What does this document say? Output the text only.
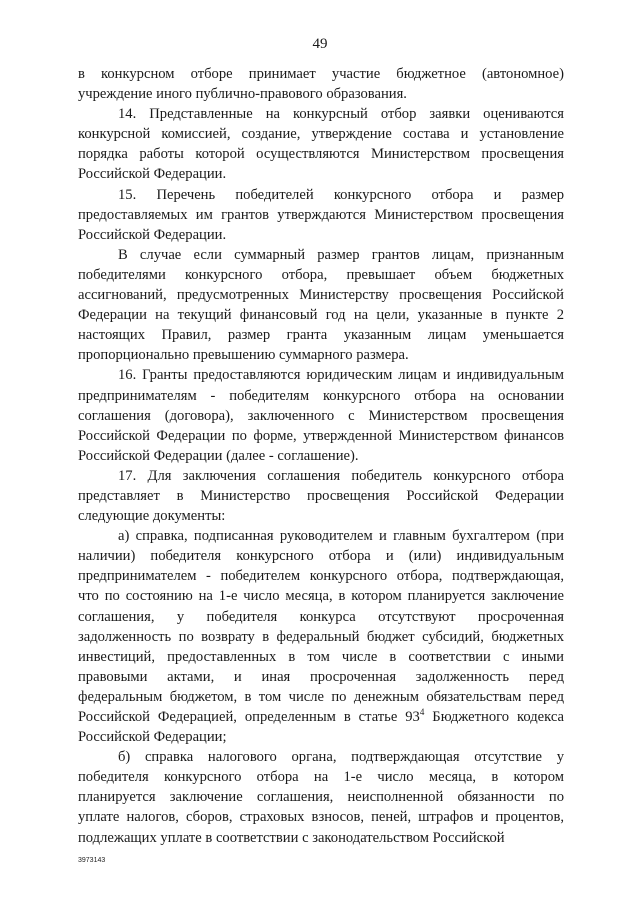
49
в конкурсном отборе принимает участие бюджетное (автономное)
учреждение иного публично-правового образования.
14. Представленные на конкурсный отбор заявки оцениваются
конкурсной комиссией, создание, утверждение состава и установление
порядка работы которой осуществляются Министерством просвещения
Российской Федерации.
15. Перечень победителей конкурсного отбора и размер
предоставляемых им грантов утверждаются Министерством просвещения
Российской Федерации.
В случае если суммарный размер грантов лицам, признанным
победителями конкурсного отбора, превышает объем бюджетных
ассигнований, предусмотренных Министерству просвещения Российской
Федерации на текущий финансовый год на цели, указанные в пункте 2
настоящих Правил, размер гранта указанным лицам уменьшается
пропорционально превышению суммарного размера.
16. Гранты предоставляются юридическим лицам и индивидуальным
предпринимателям - победителям конкурсного отбора на основании
соглашения (договора), заключенного с Министерством просвещения
Российской Федерации по форме, утвержденной Министерством финансов
Российской Федерации (далее - соглашение).
17. Для заключения соглашения победитель конкурсного отбора
представляет в Министерство просвещения Российской Федерации
следующие документы:
а) справка, подписанная руководителем и главным бухгалтером (при
наличии) победителя конкурсного отбора и (или) индивидуальным
предпринимателем - победителем конкурсного отбора, подтверждающая,
что по состоянию на 1-е число месяца, в котором планируется заключение
соглашения, у победителя конкурса отсутствуют просроченная
задолженность по возврату в федеральный бюджет субсидий, бюджетных
инвестиций, предоставленных в том числе в соответствии с иными
правовыми актами, и иная просроченная задолженность перед
федеральным бюджетом, в том числе по денежным обязательствам перед
Российской Федерацией, определенным в статье $93^4$ Бюджетного кодекса
Российской Федерации;
б) справка налогового органа, подтверждающая отсутствие у
победителя конкурсного отбора на 1-е число месяца, в котором
планируется заключение соглашения, неисполненной обязанности по
уплате налогов, сборов, страховых взносов, пеней, штрафов и процентов,
подлежащих уплате в соответствии с законодательством Российской
3973143
